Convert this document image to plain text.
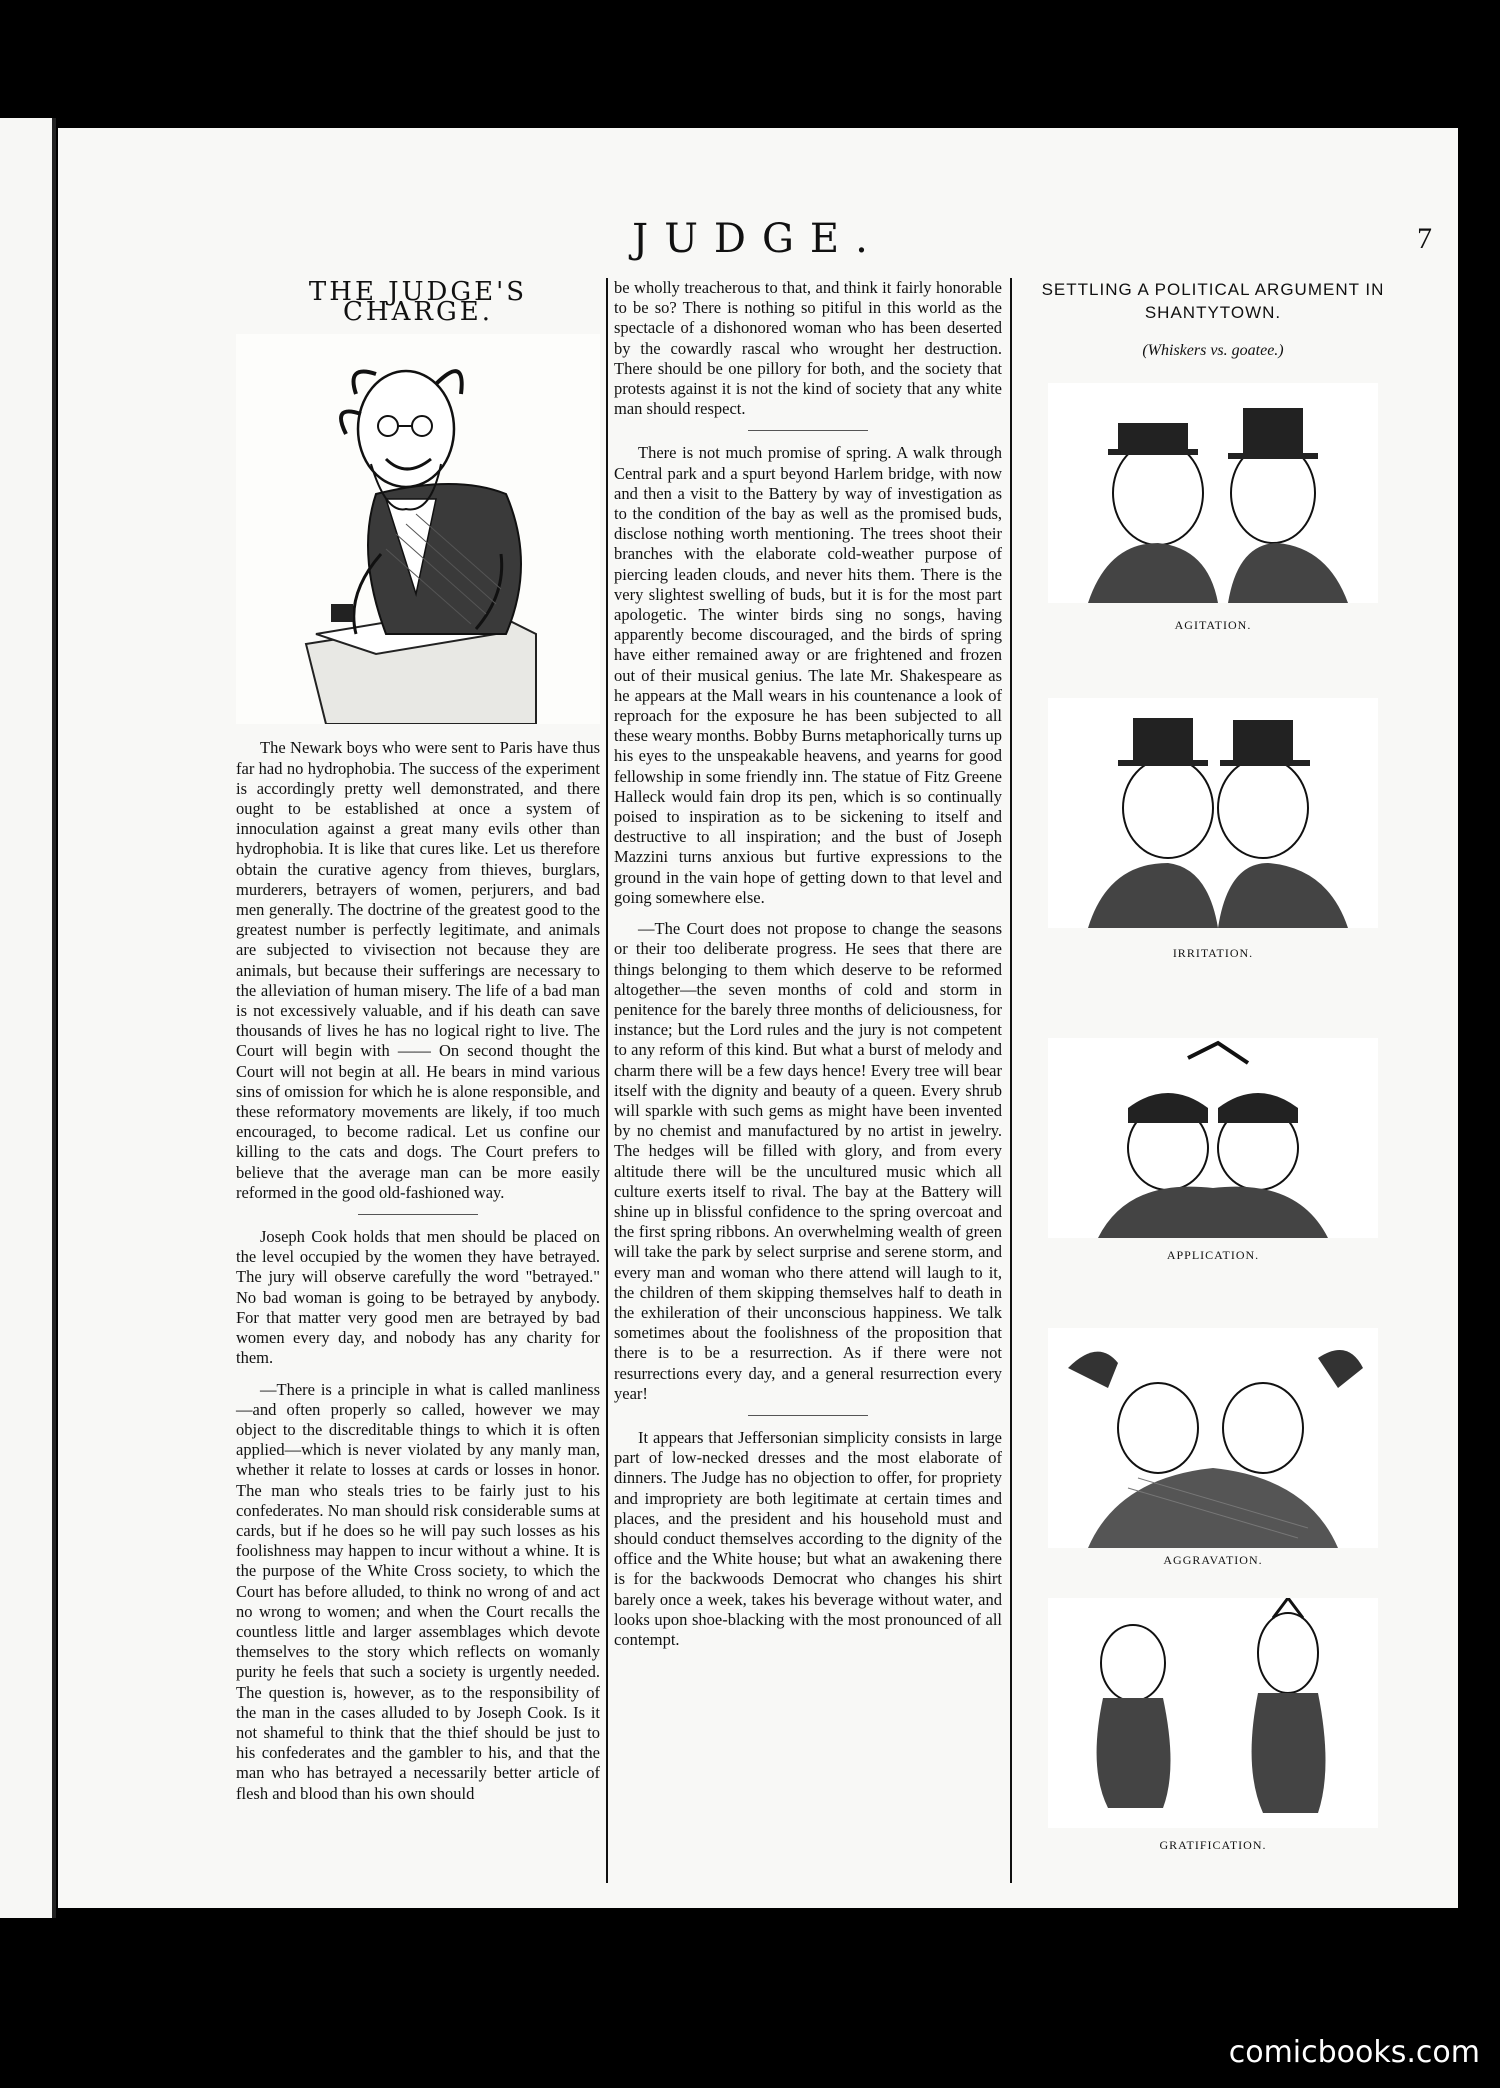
JUDGE.	7
THE JUDGE'S CHARGE.

The Newark boys who were sent to Paris have thus far had no hydrophobia. The success of the experiment is accordingly pretty well demonstrated, and there ought to be established at once a system of innoculation against a great many evils other than hydrophobia. It is like that cures like. Let us therefore obtain the curative agency from thieves, burglars, murderers, betrayers of women, perjurers, and bad men generally. The doctrine of the greatest good to the greatest number is perfectly legitimate, and animals are subjected to vivisection not because they are animals, but because their sufferings are necessary to the alleviation of human misery. The life of a bad man is not excessively valuable, and if his death can save thousands of lives he has no logical right to live. The Court will begin with —— On second thought the Court will not begin at all. He bears in mind various sins of omission for which he is alone responsible, and these reformatory movements are likely, if too much encouraged, to become radical. Let us confine our killing to the cats and dogs. The Court prefers to believe that the average man can be more easily reformed in the good old-fashioned way.

Joseph Cook holds that men should be placed on the level occupied by the women they have betrayed. The jury will observe carefully the word "betrayed." No bad woman is going to be betrayed by anybody. For that matter very good men are betrayed by bad women every day, and nobody has any charity for them.

—There is a principle in what is called manliness—and often properly so called, however we may object to the discreditable things to which it is often applied—which is never violated by any manly man, whether it relate to losses at cards or losses in honor. The man who steals tries to be fairly just to his confederates. No man should risk considerable sums at cards, but if he does so he will pay such losses as his foolishness may happen to incur without a whine. It is the purpose of the White Cross society, to which the Court has before alluded, to think no wrong of and act no wrong to women; and when the Court recalls the countless little and larger assemblages which devote themselves to the story which reflects on womanly purity he feels that such a society is urgently needed. The question is, however, as to the responsibility of the man in the cases alluded to by Joseph Cook. Is it not shameful to think that the thief should be just to his confederates and the gambler to his, and that the man who has betrayed a necessarily better article of flesh and blood than his own should

be wholly treacherous to that, and think it fairly honorable to be so? There is nothing so pitiful in this world as the spectacle of a dishonored woman who has been deserted by the cowardly rascal who wrought her destruction. There should be one pillory for both, and the society that protests against it is not the kind of society that any white man should respect.

There is not much promise of spring. A walk through Central park and a spurt beyond Harlem bridge, with now and then a visit to the Battery by way of investigation as to the condition of the bay as well as the promised buds, disclose nothing worth mentioning. The trees shoot their branches with the elaborate cold-weather purpose of piercing leaden clouds, and never hits them. There is the very slightest swelling of buds, but it is for the most part apologetic. The winter birds sing no songs, having apparently become discouraged, and the birds of spring have either remained away or are frightened and frozen out of their musical genius. The late Mr. Shakespeare as he appears at the Mall wears in his countenance a look of reproach for the exposure he has been subjected to all these weary months. Bobby Burns metaphorically turns up his eyes to the unspeakable heavens, and yearns for good fellowship in some friendly inn. The statue of Fitz Greene Halleck would fain drop its pen, which is so continually poised to inspiration as to be sickening to itself and destructive to all inspiration; and the bust of Joseph Mazzini turns anxious but furtive expressions to the ground in the vain hope of getting down to that level and going somewhere else.

—The Court does not propose to change the seasons or their too deliberate progress. He sees that there are things belonging to them which deserve to be reformed altogether—the seven months of cold and storm in penitence for the barely three months of deliciousness, for instance; but the Lord rules and the jury is not competent to any reform of this kind. But what a burst of melody and charm there will be a few days hence! Every tree will bear itself with the dignity and beauty of a queen. Every shrub will sparkle with such gems as might have been invented by no chemist and manufactured by no artist in jewelry. The hedges will be filled with glory, and from every altitude there will be the uncultured music which all culture exerts itself to rival. The bay at the Battery will shine up in blissful confidence to the spring overcoat and the first spring ribbons. An overwhelming wealth of green will take the park by select surprise and serene storm, and every man and woman who there attend will laugh to it, the children of them skipping themselves half to death in the exhileration of their unconscious happiness. We talk sometimes about the foolishness of the proposition that there is to be a resurrection. As if there were not resurrections every day, and a general resurrection every year!

It appears that Jeffersonian simplicity consists in large part of low-necked dresses and the most elaborate of dinners. The Judge has no objection to offer, for propriety and impropriety are both legitimate at certain times and places, and the president and his household must and should conduct themselves according to the dignity of the office and the White house; but what an awakening there is for the backwoods Democrat who changes his shirt barely once a week, takes his beverage without water, and looks upon shoe-blacking with the most pronounced of all contempt.

SETTLING A POLITICAL ARGUMENT IN SHANTYTOWN.
(Whiskers vs. goatee.)
AGITATION.
IRRITATION.
APPLICATION.
AGGRAVATION.
GRATIFICATION.
comicbooks.com
